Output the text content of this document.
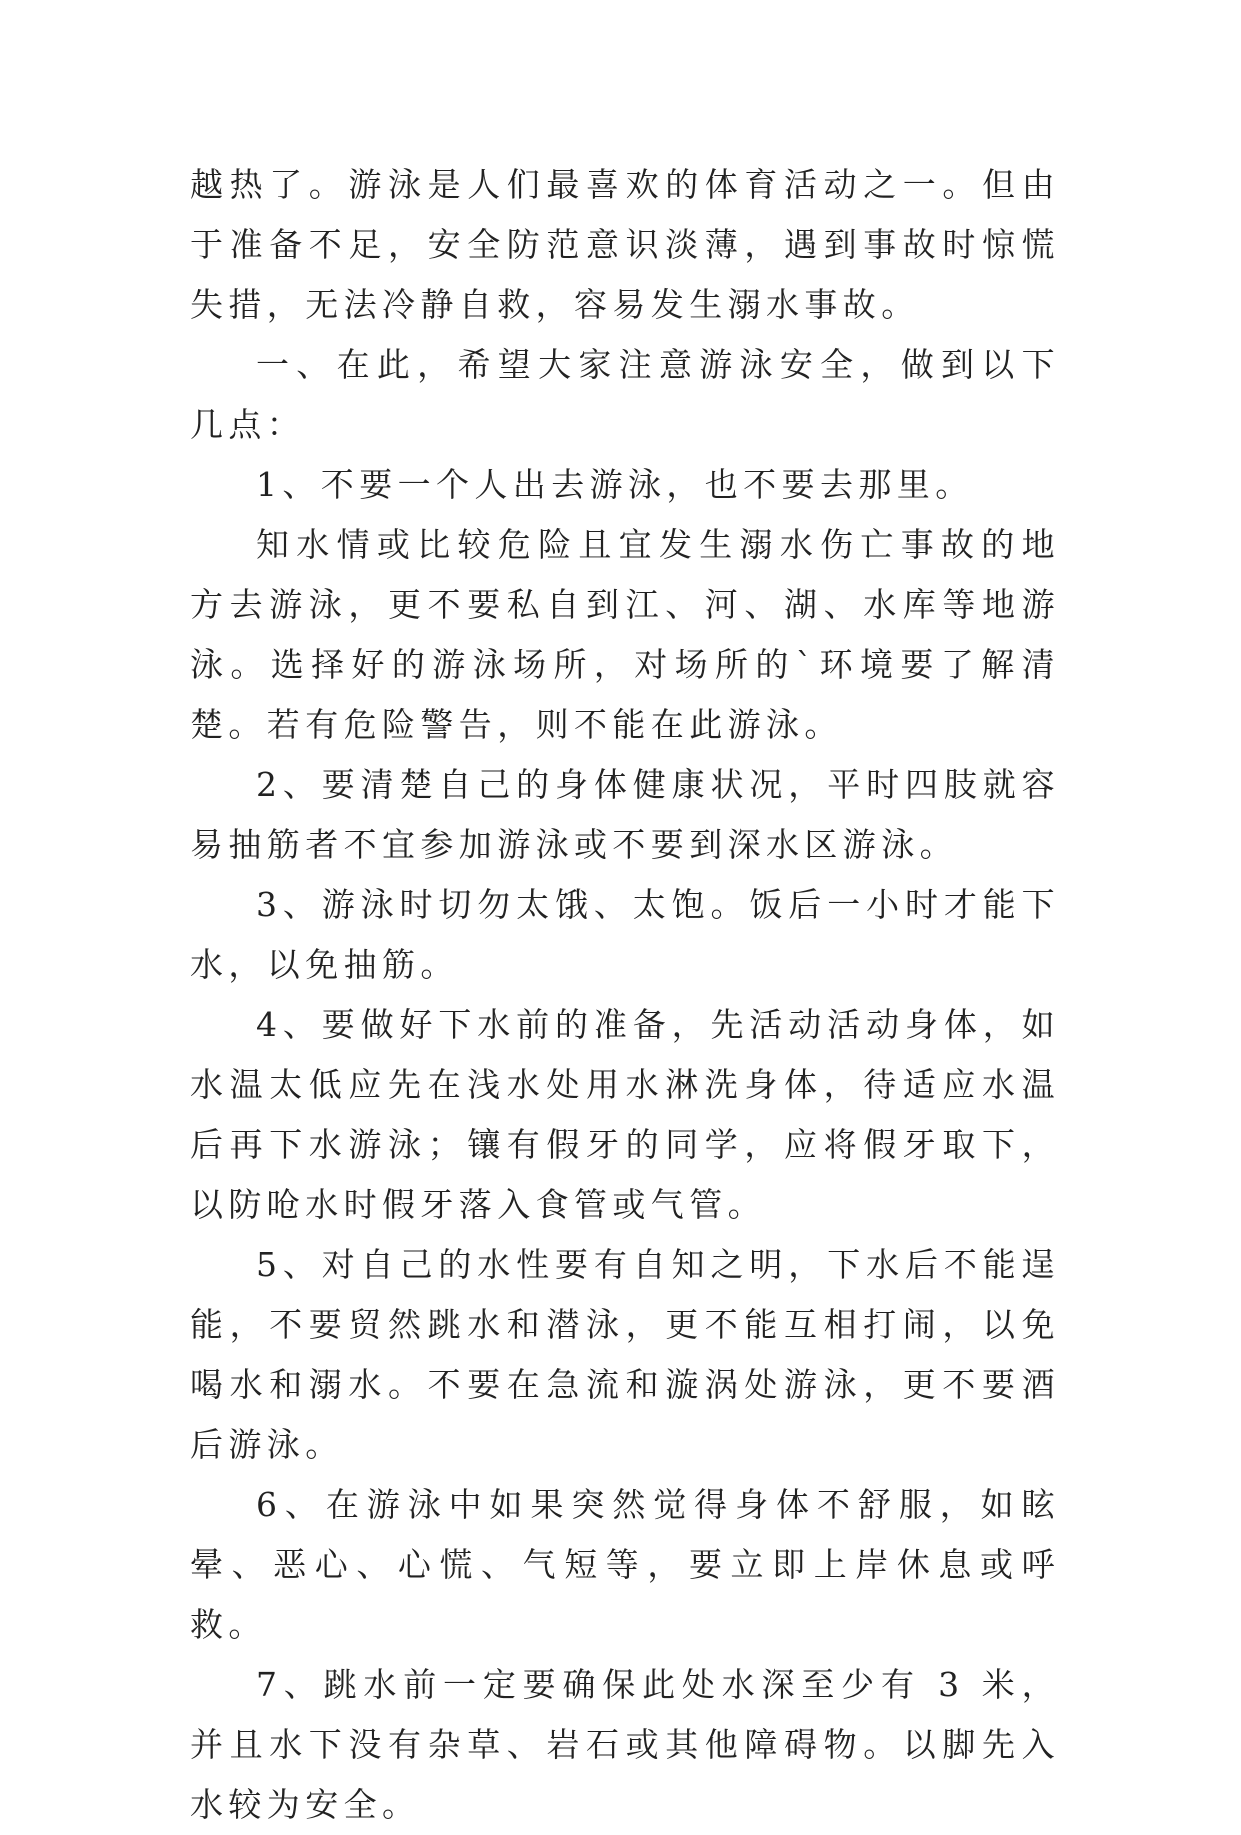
越热了。游泳是人们最喜欢的体育活动之一。但由于准备不足，安全防范意识淡薄，遇到事故时惊慌失措，无法冷静自救，容易发生溺水事故。

一、在此，希望大家注意游泳安全，做到以下几点：

1、不要一个人出去游泳，也不要去那里。

知水情或比较危险且宜发生溺水伤亡事故的地方去游泳，更不要私自到江、河、湖、水库等地游泳。选择好的游泳场所，对场所的`环境要了解清楚。若有危险警告，则不能在此游泳。

2、要清楚自己的身体健康状况，平时四肢就容易抽筋者不宜参加游泳或不要到深水区游泳。

3、游泳时切勿太饿、太饱。饭后一小时才能下水，以免抽筋。

4、要做好下水前的准备，先活动活动身体，如水温太低应先在浅水处用水淋洗身体，待适应水温后再下水游泳；镶有假牙的同学，应将假牙取下，以防呛水时假牙落入食管或气管。

5、对自己的水性要有自知之明，下水后不能逞能，不要贸然跳水和潜泳，更不能互相打闹，以免喝水和溺水。不要在急流和漩涡处游泳，更不要酒后游泳。

6、在游泳中如果突然觉得身体不舒服，如眩晕、恶心、心慌、气短等，要立即上岸休息或呼救。

7、跳水前一定要确保此处水深至少有 3 米，并且水下没有杂草、岩石或其他障碍物。以脚先入水较为安全。
